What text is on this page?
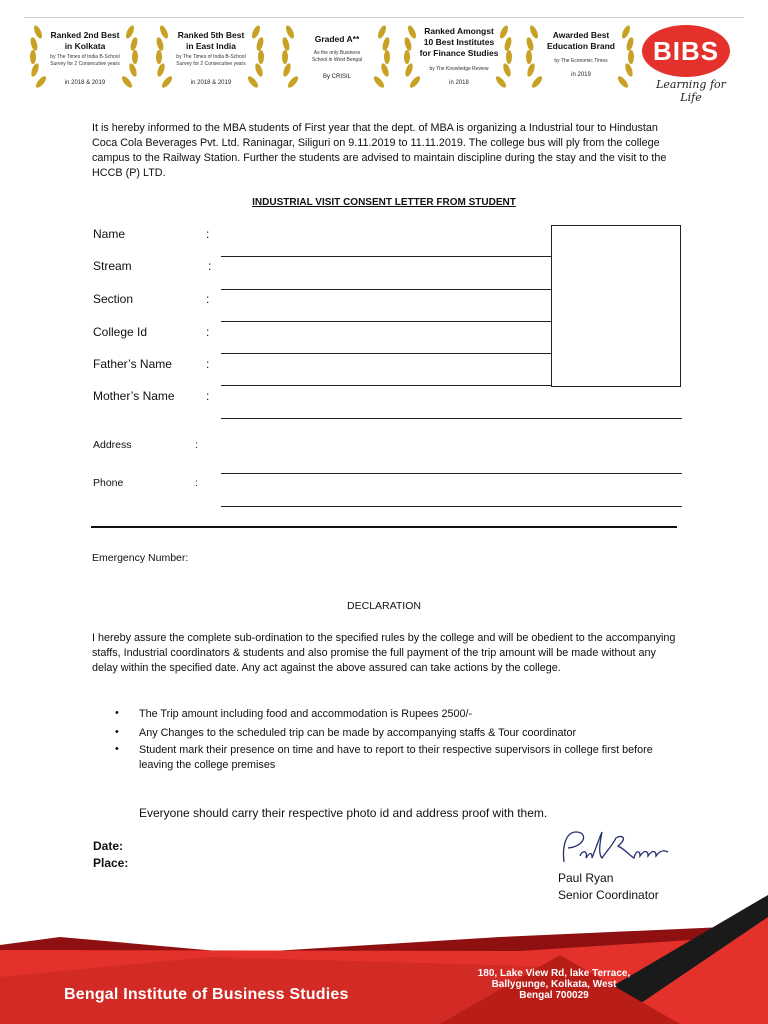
Ranked 2nd Best
in Kolkata
by The Times of India B-School
Survey for 2 Consecutive years
in 2018 & 2019
Ranked 5th Best
in East India
by The Times of India B-School
Survey for 2 Consecutive years
in 2018 & 2019
Graded A**
As the only Business
School in West Bengal
By CRISIL
Ranked Amongst
10 Best Institutes
for Finance Studies
by The Knowledge Review
in 2018
Awarded Best
Education Brand
by The Economic Times
in 2019
BIBS
Learning for Life
It is hereby informed to the MBA students of First year that the dept. of MBA is organizing a Industrial tour to Hindustan Coca Cola Beverages Pvt. Ltd. Raninagar, Siliguri on 9.11.2019 to 11.11.2019. The college bus will ply from the college campus to the Railway Station. Further the students are advised to maintain discipline during the stay and the visit to the HCCB (P) LTD.
INDUSTRIAL VISIT CONSENT LETTER FROM STUDENT
Name	:
Stream	:
Section	:
College Id	:
Father’s Name	:
Mother’s Name	:
Address	:
Phone	:
Emergency Number:
DECLARATION
I hereby assure the complete sub-ordination to the specified rules by the college and will be obedient to the accompanying staffs, Industrial coordinators & students and also promise the full payment of the trip amount will be made without any delay within the specified date. Any act against the above assured can take actions by the college.
• The Trip amount including food and accommodation is Rupees 2500/-
• Any Changes to the scheduled trip can be made by accompanying staffs & Tour coordinator
• Student mark their presence on time and have to report to their respective supervisors in college first before leaving the college premises
Everyone should carry their respective photo id and address proof with them.
Date:
Place:
Paul Ryan
Senior Coordinator
Bengal Institute of Business Studies
180, Lake View Rd, lake Terrace,
Ballygunge, Kolkata, West
Bengal 700029
